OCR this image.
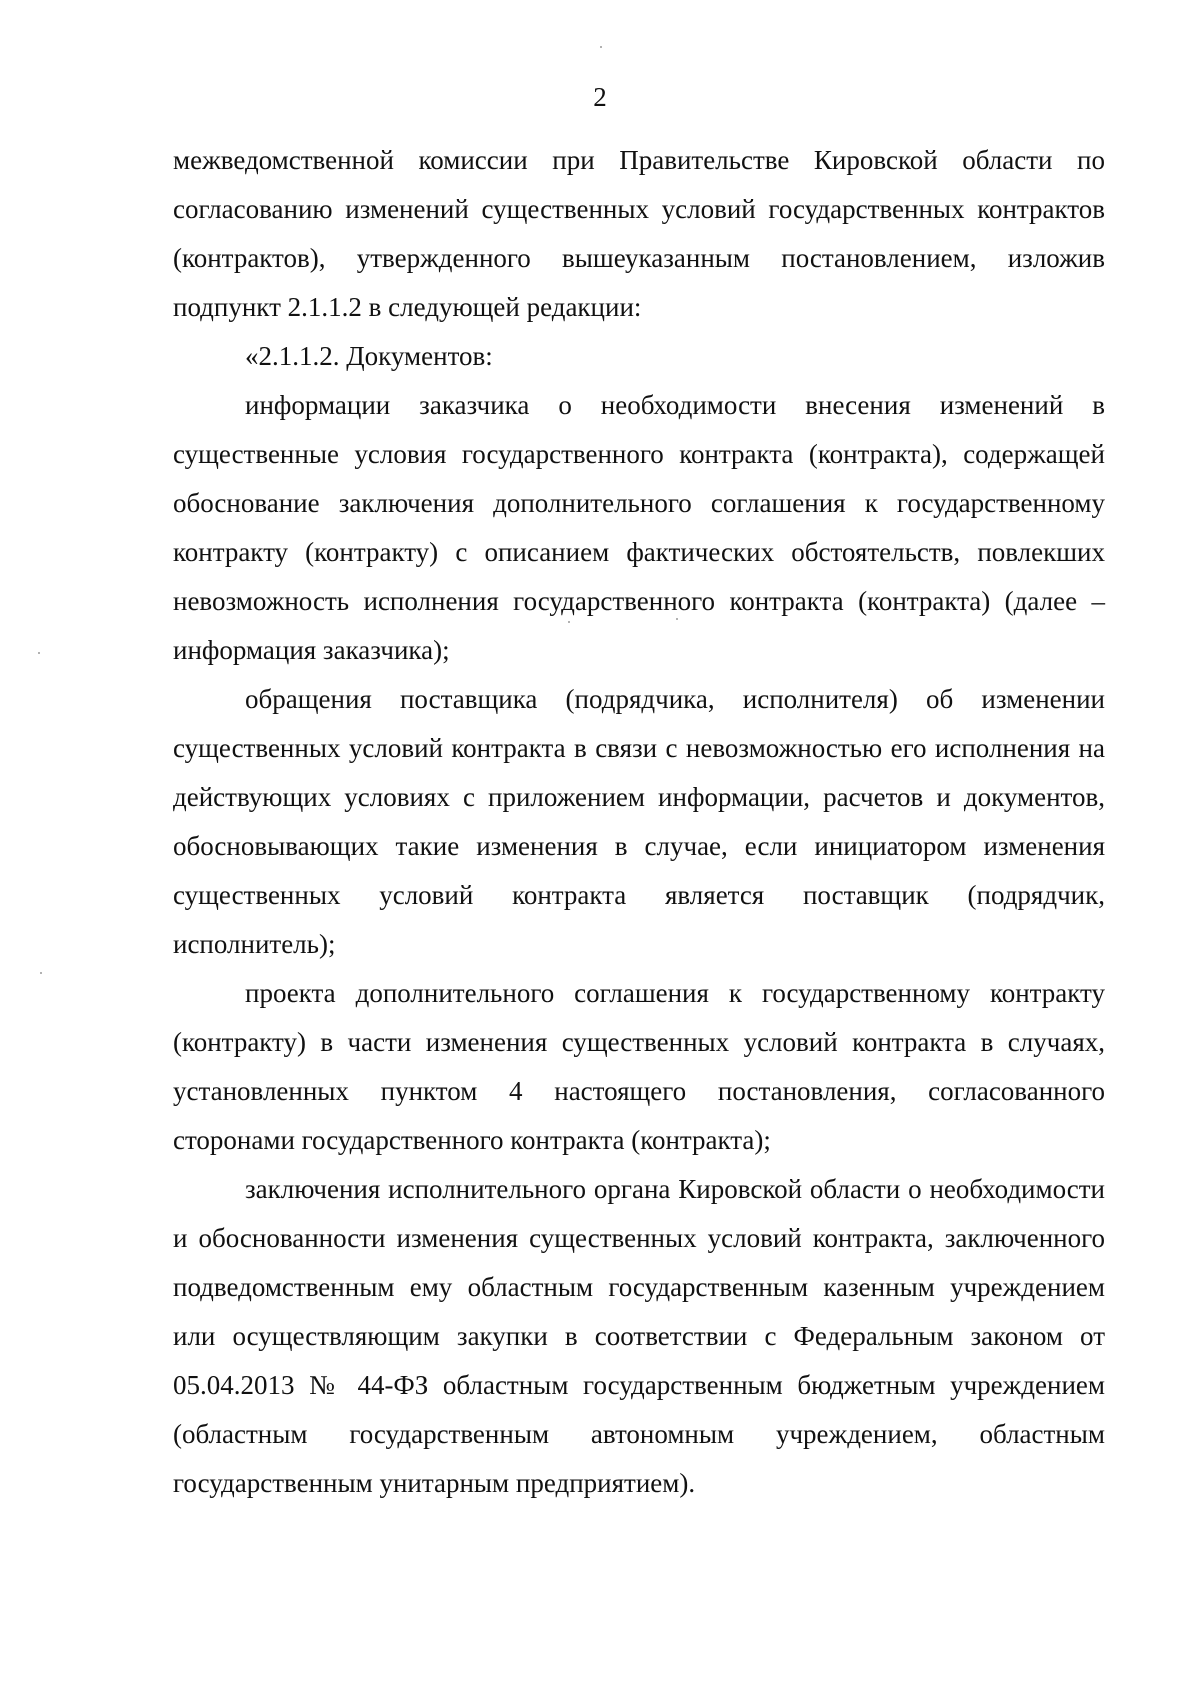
2

межведомственной комиссии при Правительстве Кировской области по согласованию изменений существенных условий государственных контрактов (контрактов), утвержденного вышеуказанным постановлением, изложив подпункт 2.1.1.2 в следующей редакции:

«2.1.1.2. Документов:

информации заказчика о необходимости внесения изменений в существенные условия государственного контракта (контракта), содержащей обоснование заключения дополнительного соглашения к государственному контракту (контракту) с описанием фактических обстоятельств, повлекших невозможность исполнения государственного контракта (контракта) (далее – информация заказчика);

обращения поставщика (подрядчика, исполнителя) об изменении существенных условий контракта в связи с невозможностью его исполнения на действующих условиях с приложением информации, расчетов и документов, обосновывающих такие изменения в случае, если инициатором изменения существенных условий контракта является поставщик (подрядчик, исполнитель);

проекта дополнительного соглашения к государственному контракту (контракту) в части изменения существенных условий контракта в случаях, установленных пунктом 4 настоящего постановления, согласованного сторонами государственного контракта (контракта);

заключения исполнительного органа Кировской области о необходимости и обоснованности изменения существенных условий контракта, заключенного подведомственным ему областным государственным казенным учреждением или осуществляющим закупки в соответствии с Федеральным законом от 05.04.2013 № 44-ФЗ областным государственным бюджетным учреждением (областным государственным автономным учреждением, областным государственным унитарным предприятием).
